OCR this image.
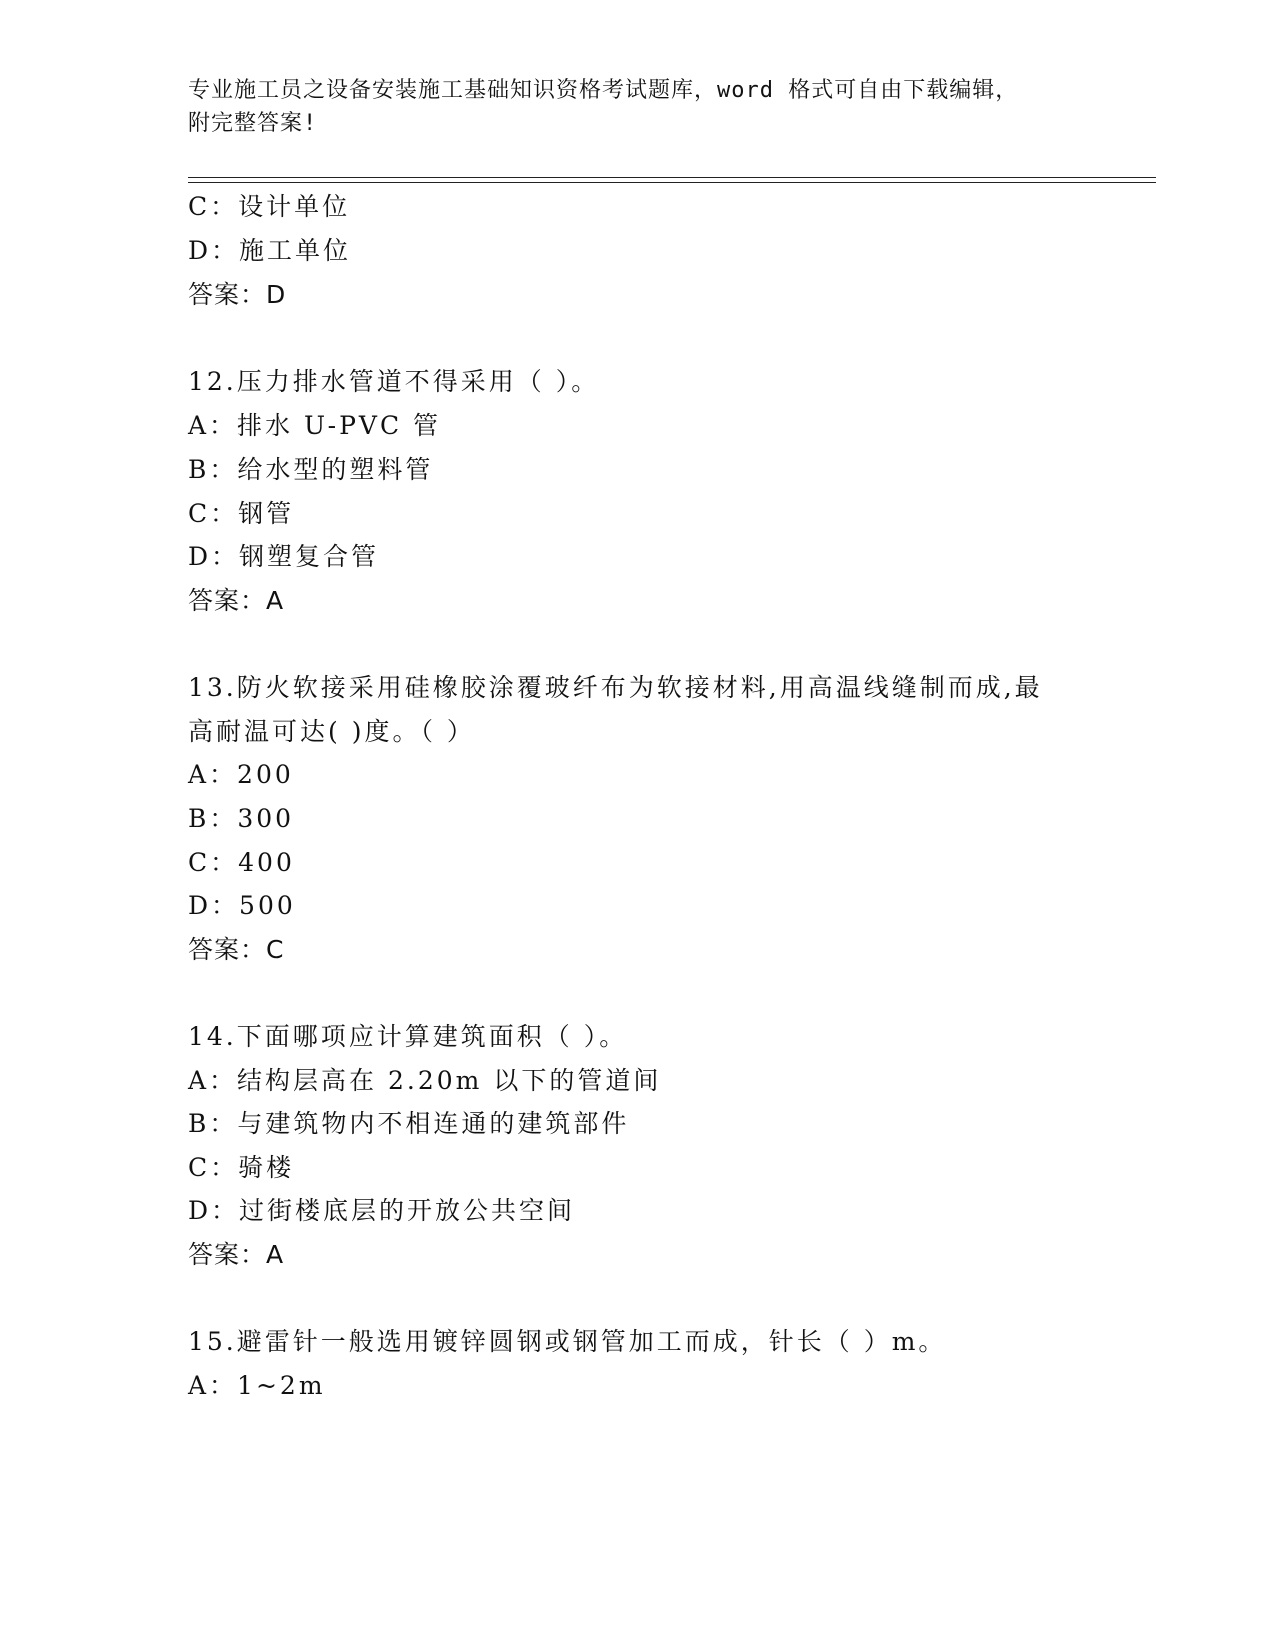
专业施工员之设备安装施工基础知识资格考试题库，word 格式可自由下载编辑，
附完整答案!
C：设计单位
D：施工单位
答案：D
12.压力排水管道不得采用（ ）。
A：排水 U-PVC 管
B：给水型的塑料管
C：钢管
D：钢塑复合管
答案：A
13.防火软接采用硅橡胶涂覆玻纤布为软接材料,用高温线缝制而成,最
高耐温可达( )度。（ ）
A：200
B：300
C：400
D：500
答案：C
14.下面哪项应计算建筑面积（ ）。
A：结构层高在 2.20m 以下的管道间
B：与建筑物内不相连通的建筑部件
C：骑楼
D：过街楼底层的开放公共空间
答案：A
15.避雷针一般选用镀锌圆钢或钢管加工而成，针长（ ）m。
A：1~2m
